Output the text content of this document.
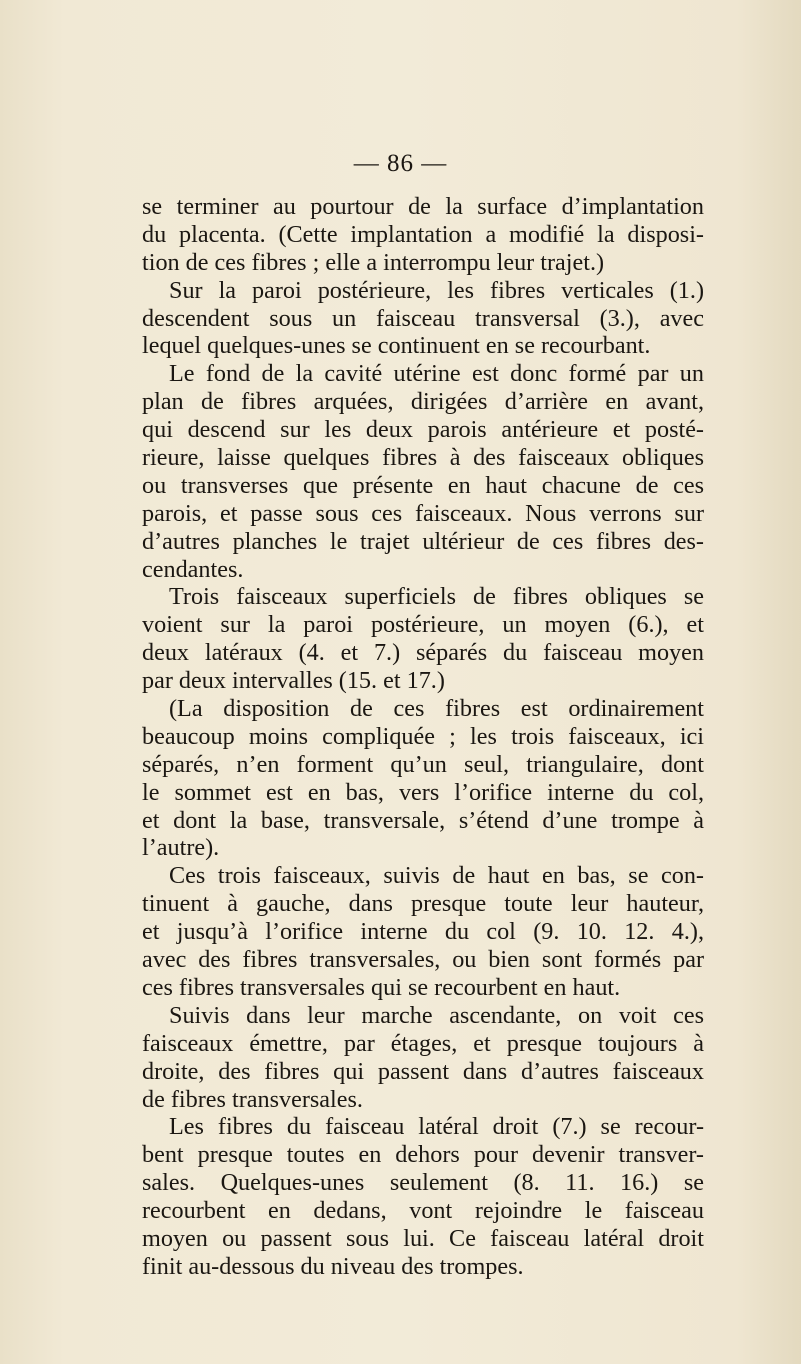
— 86 —
se terminer au pourtour de la surface d’implantation
du placenta. (Cette implantation a modifié la disposi-
tion de ces fibres ; elle a interrompu leur trajet.)
Sur la paroi postérieure, les fibres verticales (1.)
descendent sous un faisceau transversal (3.), avec
lequel quelques-unes se continuent en se recourbant.
Le fond de la cavité utérine est donc formé par un
plan de fibres arquées, dirigées d’arrière en avant,
qui descend sur les deux parois antérieure et posté-
rieure, laisse quelques fibres à des faisceaux obliques
ou transverses que présente en haut chacune de ces
parois, et passe sous ces faisceaux. Nous verrons sur
d’autres planches le trajet ultérieur de ces fibres des-
cendantes.
Trois faisceaux superficiels de fibres obliques se
voient sur la paroi postérieure, un moyen (6.), et
deux latéraux (4. et 7.) séparés du faisceau moyen
par deux intervalles (15. et 17.)
(La disposition de ces fibres est ordinairement
beaucoup moins compliquée ; les trois faisceaux, ici
séparés, n’en forment qu’un seul, triangulaire, dont
le sommet est en bas, vers l’orifice interne du col,
et dont la base, transversale, s’étend d’une trompe à
l’autre).
Ces trois faisceaux, suivis de haut en bas, se con-
tinuent à gauche, dans presque toute leur hauteur,
et jusqu’à l’orifice interne du col (9. 10. 12. 4.),
avec des fibres transversales, ou bien sont formés par
ces fibres transversales qui se recourbent en haut.
Suivis dans leur marche ascendante, on voit ces
faisceaux émettre, par étages, et presque toujours à
droite, des fibres qui passent dans d’autres faisceaux
de fibres transversales.
Les fibres du faisceau latéral droit (7.) se recour-
bent presque toutes en dehors pour devenir transver-
sales. Quelques-unes seulement (8. 11. 16.) se
recourbent en dedans, vont rejoindre le faisceau
moyen ou passent sous lui. Ce faisceau latéral droit
finit au-dessous du niveau des trompes.
